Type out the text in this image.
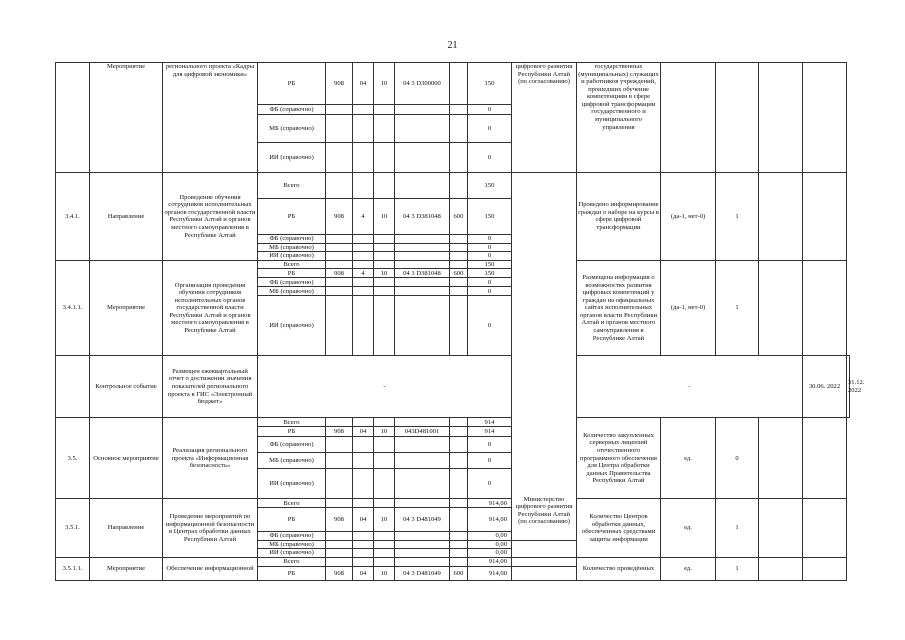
21
	Мероприятие	регионального проекта «Кадры для цифровой экономики»	РБ	908	04	10	04 3 D300000		150	цифрового развития Республики Алтай (по согласованию)	государственных (муниципальных) служащих и работников учреждений, прошедших обучение компетенциям в сфере цифровой трансформации государственного и муниципального управления					
			ФБ (справочно)						0							
			МБ (справочно)						0							
			ИИ (справочно)						0							
3.4.1.	Направление	Проведение обучения сотрудников исполнительных органов государственной власти Республики Алтай и органов местного самоуправления в Республике Алтай	Всего						150	Министерство цифрового развития Республики Алтай (по согласованию)	Проведено информирование граждан о наборе на курсы в сфере цифровой трансформации	(да-1, нет-0)	1			
			РБ	908	4	10	04 3 D381048	600	150							
			ФБ (справочно)						0							
			МБ (справочно)						0							
			ИИ (справочно)						0							
3.4.1.1.	Мероприятие	Организация проведения обучения сотрудников исполнительных органов государственной власти Республики Алтай и органов местного самоуправления в Республике Алтай	Всего						150		Размещена информация о возможностях развития цифровых компетенций у граждан на официальных сайтах исполнительных органов власти Республики Алтай и органов местного самоуправления в Республике Алтай	(да-1, нет-0)	1			
			РБ	908	4	10	04 3 D381048	600	150							
			ФБ (справочно)						0							
			МБ (справочно)						0							
			ИИ (справочно)						0							
	Контрольное событие	Размещен ежеквартальный отчет о достижении значения показателей регионального проекта в ГИС «Электронный бюджет»	-								-				30.06. 2022	31.12. 2022
3.5.	Основное мероприятие	Реализация регионального проекта «Информационная безопасность»	Всего						914		Количество закупленных серверных лицензий отечественного программного обеспечения для Центра обработки данных Правительства Республики Алтай	ед.	0			
			РБ	908	04	10	043D481001		914							
			ФБ (справочно)						0							
			МБ (справочно)						0							
			ИИ (справочно)						0							
3.5.1.	Направление	Проведение мероприятий по информационной безопасности в Центрах обработки данных Республики Алтай	Всего						914,00		Количество Центров обработки данных, обеспеченных средствами защиты информации	ед.	1			
			РБ	908	04	10	04 3 D481049		914,00							
			ФБ (справочно)						0,00							
			МБ (справочно)						0,00							
			ИИ (справочно)						0,00							
3.5.1.1.	Мероприятие	Обеспечение информационной	Всего						914,00		Количество проведённых	ед.	1			
			РБ	908	04	10	04 3 D481049	600	914,00							
